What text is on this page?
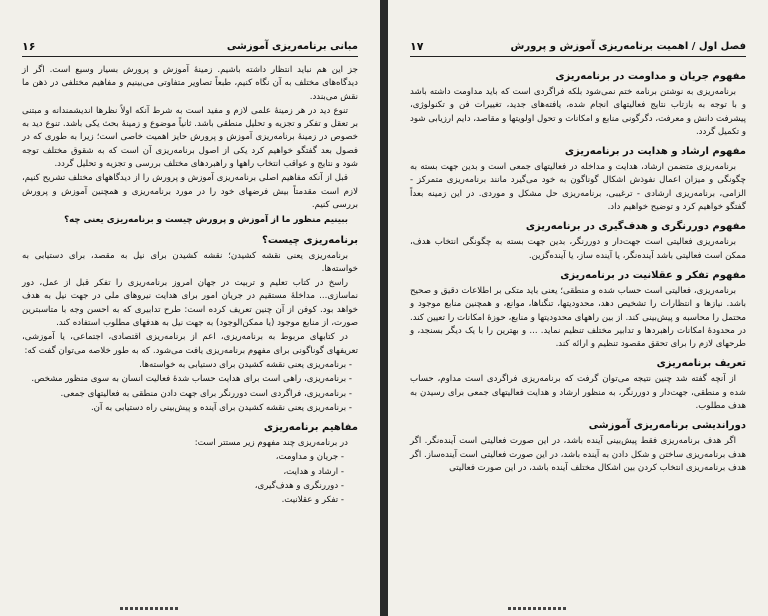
مبانی برنامه‌ریزی آموزشی
۱۶

جز این هم نباید انتظار داشته باشیم. زمینهٔ آموزش و پرورش بسیار وسیع است. اگر از دیدگاه‌های مختلف به آن نگاه کنیم، طبعاً تصاویر متفاوتی می‌بینیم و مفاهیم مختلفی در ذهن ما نقش می‌بندد.

تنوع دید در هر زمینهٔ علمی لازم و مفید است به شرط آنکه اولاً نظرها اندیشمندانه و مبتنی بر تعقل و تفکر و تجزیه و تحلیل منطقی باشد. ثانیاً موضوع و زمینهٔ بحث یکی باشد. تنوع دید به خصوص در زمینهٔ برنامه‌ریزی آموزش و پرورش حایز اهمیت خاصی است؛ زیرا به طوری که در فصول بعد گفتگو خواهیم کرد یکی از اصول برنامه‌ریزی آن است که به شقوق مختلف توجه شود و نتایج و عواقب انتخاب راهها و راهبردهای مختلف بررسی و تجزیه و تحلیل گردد.

قبل از آنکه مفاهیم اصلی برنامه‌ریزی آموزش و پرورش را از دیدگاههای مختلف تشریح کنیم، لازم است مقدمتاً بیش فرضهای خود را در مورد برنامه‌ریزی و همچنین آموزش و پرورش بررسی کنیم.

ببینیم منظور ما از آموزش و پرورش چیست و برنامه‌ریزی یعنی چه؟

برنامه‌ریزی چیست؟

برنامه‌ریزی یعنی نقشه کشیدن؛ نقشه کشیدن برای نیل به مقصد، برای دستیابی به خواسته‌ها.

راسخ در کتاب تعلیم و تربیت در جهان امروز برنامه‌ریزی را تفکر قبل از عمل، دور نماسازی... مداخلهٔ مستقیم در جریان امور برای هدایت نیروهای ملی در جهت نیل به هدف خواهد بود. کوفن از آن چنین تعریف کرده است: طرح تدابیری که به احسن وجه با متاسبترین صورت، از منابع موجود (یا ممکن‌الوجود) به جهت نیل به هدفهای مطلوب استفاده کند.

در کتابهای مربوط به برنامه‌ریزی، اعم از برنامه‌ریزی اقتصادی، اجتماعی، یا آموزشی، تعریفهای گوناگونی برای مفهوم برنامه‌ریزی یافت می‌شود. که به طور خلاصه می‌توان گفت که:

- برنامه‌ریزی یعنی نقشه کشیدن برای دستیابی به خواسته‌ها.

- برنامه‌ریزی، راهی است برای هدایت حساب شدهٔ فعالیت انسان به سوی منظور مشخص.

- برنامه‌ریزی، فراگردی است دوررنگر برای جهت دادن منطقی به فعالیتهای جمعی.

- برنامه‌ریزی یعنی نقشه کشیدن برای آینده و پیش‌بینی راه دستیابی به آن.

مفاهیم برنامه‌ریزی

در برنامه‌ریزی چند مفهوم زیر مستتر است:

- جریان و مداومت،

- ارشاد و هدایت،

- دوررنگری و هدف‌گیری،

- تفکر و عقلانیت.

فصل اول / اهمیت برنامه‌ریزی آموزش و پرورش
۱۷
مفهوم جریان و مداومت در برنامه‌ریزی

برنامه‌ریزی به نوشتن برنامه ختم نمی‌شود بلکه فراگردی است که باید مداومت داشته باشد و با توجه به بازتاب نتایج فعالیتهای انجام شده، یافته‌های جدید، تغییرات فن و تکنولوژی، پیشرفت دانش و معرفت، دگرگونی منابع و امکانات و تحول اولویتها و مقاصد، دایم ارزیابی شود و تکمیل گردد.

مفهوم ارشاد و هدایت در برنامه‌ریزی

برنامه‌ریزی متضمن ارشاد، هدایت و مداخله در فعالیتهای جمعی است و بدین جهت بسته به چگونگی و میزان اعمال نفوذش اشکال گوناگون به خود می‌گیرد مانند برنامه‌ریزی متمرکز - الزامی، برنامه‌ریزی ارشادی - ترغیبی، برنامه‌ریزی حل مشکل و موردی. در این زمینه بعداً گفتگو خواهیم کرد و توضیح خواهیم داد.

مفهوم دوررنگری و هدف‌گیری در برنامه‌ریزی

برنامه‌ریزی فعالیتی است جهت‌دار و دوررنگر، بدین جهت بسته به چگونگی انتخاب هدف، ممکن است فعالیتی باشد آینده‌نگر، یا آینده ساز، یا آینده‌گزین.

مفهوم تفکر و عقلانیت در برنامه‌ریزی

برنامه‌ریزی، فعالیتی است حساب شده و منطقی؛ یعنی باید متکی بر اطلاعات دقیق و صحیح باشد. نیازها و انتظارات را تشخیص دهد، محدودیتها، تنگناها، موانع، و همچنین منابع موجود و محتمل را محاسبه و پیش‌بینی کند. از بین راههای محدودیتها و منابع، حوزهٔ امکانات را تعیین کند. در محدودهٔ امکانات راهبردها و تدابیر مختلف تنظیم نماید. ... و بهترین را با یک دیگر بسنجد، و طرحهای لازم را برای تحقق مقصود تنظیم و ارائه کند.

تعریف برنامه‌ریزی

از آنچه گفته شد چنین نتیجه می‌توان گرفت که برنامه‌ریزی فراگردی است مداوم، حساب شده و منطقی، جهت‌دار و دوررنگر، به منظور ارشاد و هدایت فعالیتهای جمعی برای رسیدن به هدف مطلوب.

دوراندیشی برنامه‌ریزی آموزشی

اگر هدف برنامه‌ریزی فقط پیش‌بینی آینده باشد، در این صورت فعالیتی است آینده‌نگر. اگر هدف برنامه‌ریزی ساختن و شکل دادن به آینده باشد، در این صورت فعالیتی است آینده‌ساز. اگر هدف برنامه‌ریزی انتخاب کردن بین اشکال مختلف آینده باشد، در این صورت فعالیتی
